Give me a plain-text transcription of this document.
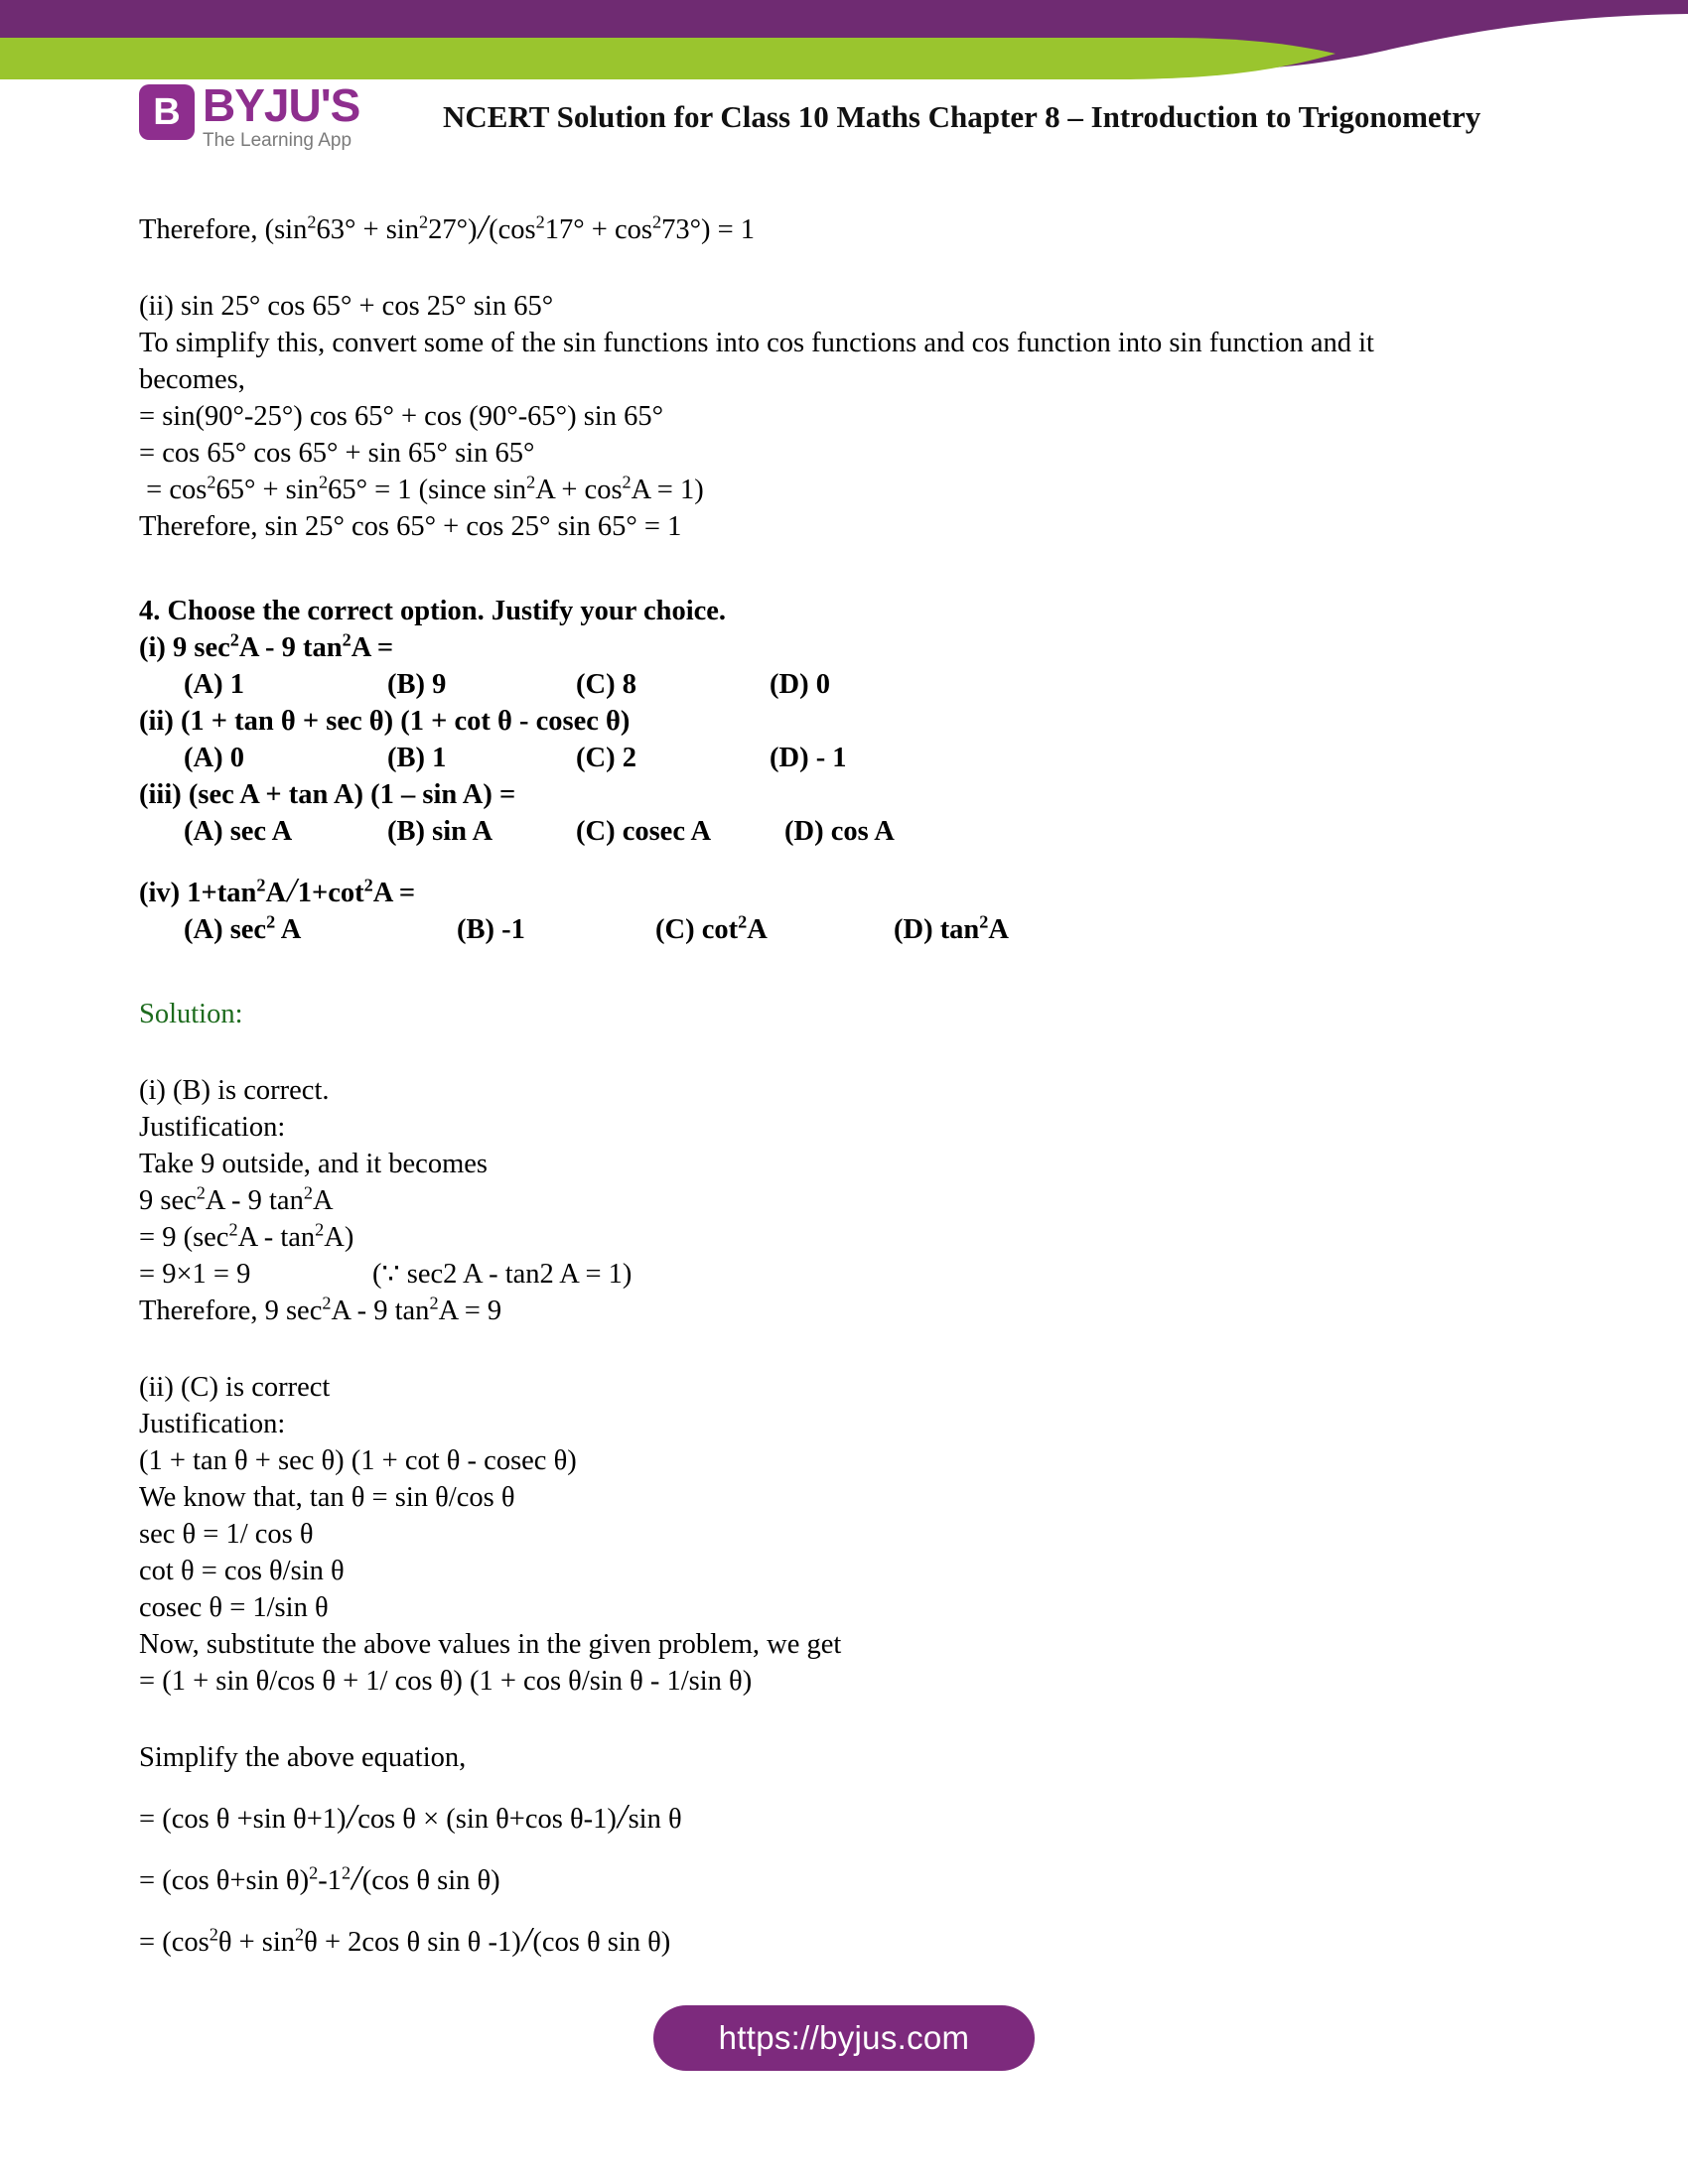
B BYJU'S
The Learning App
NCERT Solution for Class 10 Maths Chapter 8 – Introduction to Trigonometry
Therefore, $(\sin^263^\circ + \sin^227^\circ)/(\cos^217^\circ + \cos^273^\circ) = 1$
(ii) sin 25° cos 65° + cos 25° sin 65°
To simplify this, convert some of the sin functions into cos functions and cos function into sin function and it
becomes,
= sin(90°-25°) cos 65° + cos (90°-65°) sin 65°
= cos 65° cos 65° + sin 65° sin 65°
= $\cos^265^\circ + \sin^265^\circ = 1$ (since $\sin^2A + \cos^2A = 1$)
Therefore, sin 25° cos 65° + cos 25° sin 65° = 1
4. Choose the correct option. Justify your choice.
(i) 9 $\sec^2A - 9$ $\tan^2A$ =
(A) 1	(B) 9	(C) 8	(D) 0
(ii) (1 + tan θ + sec θ) (1 + cot θ - cosec θ)
(A) 0	(B) 1	(C) 2	(D) - 1
(iii) (sec A + tan A) (1 – sin A) =
(A) sec A	(B) sin A	(C) cosec A	(D) cos A
(iv) $1+\tan^2A/1+\cot^2A$ =
(A) $\sec^2 A$	(B) -1	(C) $\cot^2A$	(D) $\tan^2A$
Solution:
(i) (B) is correct.
Justification:
Take 9 outside, and it becomes
9 $\sec^2A - 9$ $\tan^2A$
= 9 $(\sec^2A - \tan^2A)$
= 9×1 = 9	(∵ sec2 A - tan2 A = 1)
Therefore, 9 $\sec^2A - 9$ $\tan^2A = 9$
(ii) (C) is correct
Justification:
(1 + tan θ + sec θ) (1 + cot θ - cosec θ)
We know that, tan θ = sin θ/cos θ
sec θ = 1/ cos θ
cot θ = cos θ/sin θ
cosec θ = 1/sin θ
Now, substitute the above values in the given problem, we get
= (1 + sin θ/cos θ + 1/ cos θ) (1 + cos θ/sin θ - 1/sin θ)
Simplify the above equation,
= (cos θ +sin θ+1)/cos θ × (sin θ+cos θ-1)/sin θ
= (cos θ+sin $\theta)^2-1^2/(\cos$ θ sin θ)
= ($\cos^2\theta + \sin^2\theta + 2\cos$ θ sin θ -1)/(cos θ sin θ)
https://byjus.com
